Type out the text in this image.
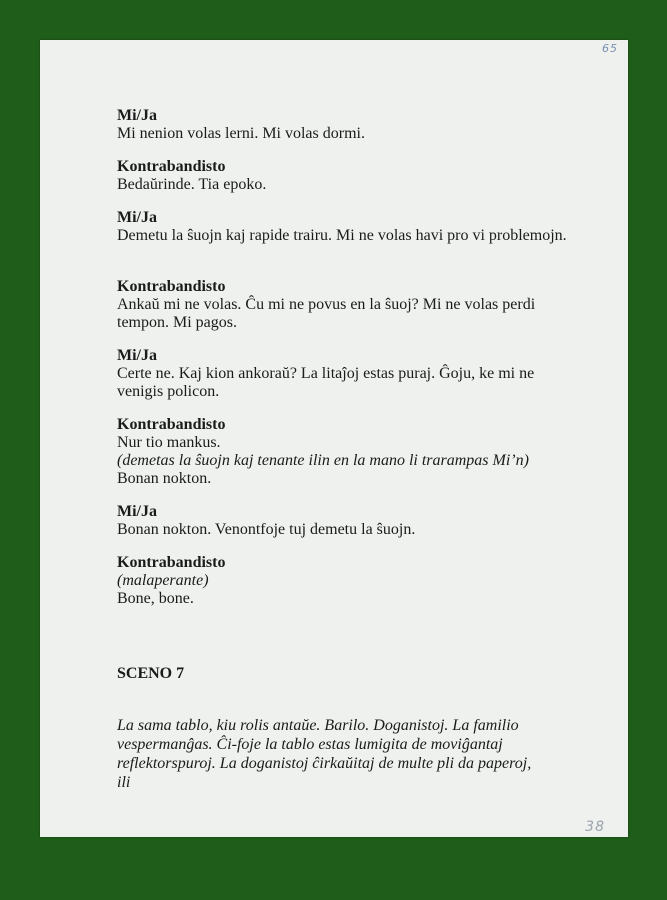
65
Mi/Ja
Mi nenion volas lerni. Mi volas dormi.
Kontrabandisto
Bedaŭrinde. Tia epoko.
Mi/Ja
Demetu la ŝuojn kaj rapide trairu. Mi ne volas havi pro vi problemojn.
Kontrabandisto
Ankaŭ mi ne volas. Ĉu mi ne povus en la ŝuoj? Mi ne volas perdi
tempon. Mi pagos.
Mi/Ja
Certe ne. Kaj kion ankoraŭ? La litaĵoj estas puraj. Ĝoju, ke mi ne
venigis policon.
Kontrabandisto
Nur tio mankus.
(demetas la ŝuojn kaj tenante ilin en la mano li trarampas Mi’n)
Bonan nokton.
Mi/Ja
Bonan nokton. Venontfoje tuj demetu la ŝuojn.
Kontrabandisto
(malaperante)
Bone, bone.
SCENO 7
La sama tablo, kiu rolis antaŭe. Barilo. Doganistoj. La familio
vespermanĝas. Ĉi-foje la tablo estas lumigita de moviĝantaj
reflektorspuroj. La doganistoj ĉirkaŭitaj de multe pli da paperoj, ili
38
